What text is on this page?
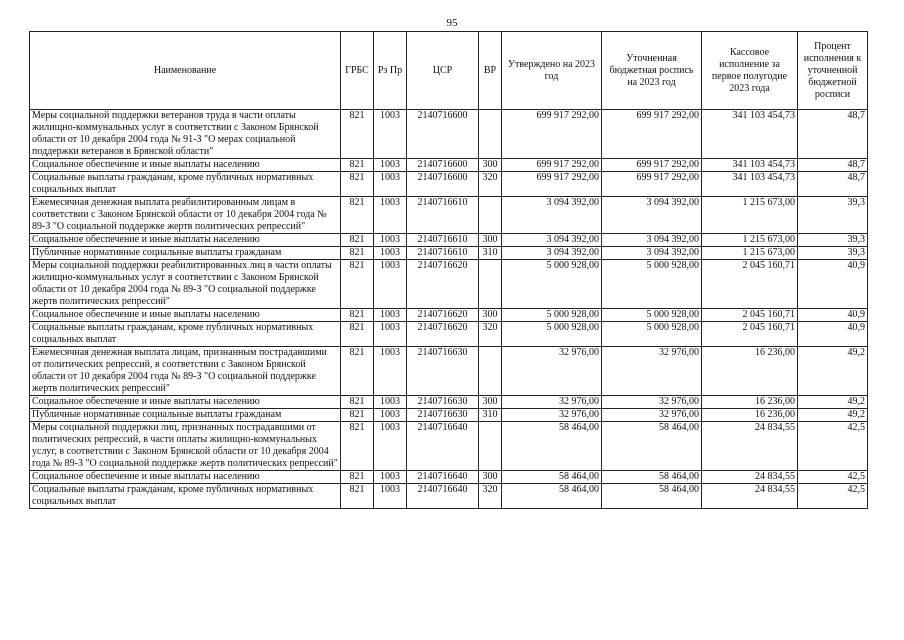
95
Наименование	ГРБС	Рз Пр	ЦСР	ВР	Утверждено на 2023 год	Уточненная бюджетная роспись на 2023 год	Кассовое исполнение за первое полугодие 2023 года	Процент исполнения к уточненной бюджетной росписи
Меры социальной поддержки ветеранов труда в части оплаты жилищно-коммунальных услуг в соответствии с Законом Брянской области от 10 декабря 2004 года № 91-З "О мерах социальной поддержки ветеранов в Брянской области"	821	1003	2140716600		699 917 292,00	699 917 292,00	341 103 454,73	48,7
Социальное обеспечение и иные выплаты населению	821	1003	2140716600	300	699 917 292,00	699 917 292,00	341 103 454,73	48,7
Социальные выплаты гражданам, кроме публичных нормативных социальных выплат	821	1003	2140716600	320	699 917 292,00	699 917 292,00	341 103 454,73	48,7
Ежемесячная денежная выплата реабилитированным лицам в соответствии с Законом Брянской области от 10 декабря 2004 года № 89-З "О социальной поддержке жертв политических репрессий"	821	1003	2140716610		3 094 392,00	3 094 392,00	1 215 673,00	39,3
Социальное обеспечение и иные выплаты населению	821	1003	2140716610	300	3 094 392,00	3 094 392,00	1 215 673,00	39,3
Публичные нормативные социальные выплаты гражданам	821	1003	2140716610	310	3 094 392,00	3 094 392,00	1 215 673,00	39,3
Меры социальной поддержки реабилитированных лиц в части оплаты жилищно-коммунальных услуг в соответствии с Законом Брянской области от 10 декабря 2004 года № 89-З "О социальной поддержке жертв политических репрессий"	821	1003	2140716620		5 000 928,00	5 000 928,00	2 045 160,71	40,9
Социальное обеспечение и иные выплаты населению	821	1003	2140716620	300	5 000 928,00	5 000 928,00	2 045 160,71	40,9
Социальные выплаты гражданам, кроме публичных нормативных социальных выплат	821	1003	2140716620	320	5 000 928,00	5 000 928,00	2 045 160,71	40,9
Ежемесячная денежная выплата лицам, признанным пострадавшими от политических репрессий, в соответствии с Законом Брянской области от 10 декабря 2004 года № 89-З "О социальной поддержке жертв политических репрессий"	821	1003	2140716630		32 976,00	32 976,00	16 236,00	49,2
Социальное обеспечение и иные выплаты населению	821	1003	2140716630	300	32 976,00	32 976,00	16 236,00	49,2
Публичные нормативные социальные выплаты гражданам	821	1003	2140716630	310	32 976,00	32 976,00	16 236,00	49,2
Меры социальной поддержки лиц, признанных пострадавшими от политических репрессий, в части оплаты жилищно-коммунальных услуг, в соответствии с Законом Брянской области от 10 декабря 2004 года № 89-З "О социальной поддержке жертв политических репрессий"	821	1003	2140716640		58 464,00	58 464,00	24 834,55	42,5
Социальное обеспечение и иные выплаты населению	821	1003	2140716640	300	58 464,00	58 464,00	24 834,55	42,5
Социальные выплаты гражданам, кроме публичных нормативных социальных выплат	821	1003	2140716640	320	58 464,00	58 464,00	24 834,55	42,5
